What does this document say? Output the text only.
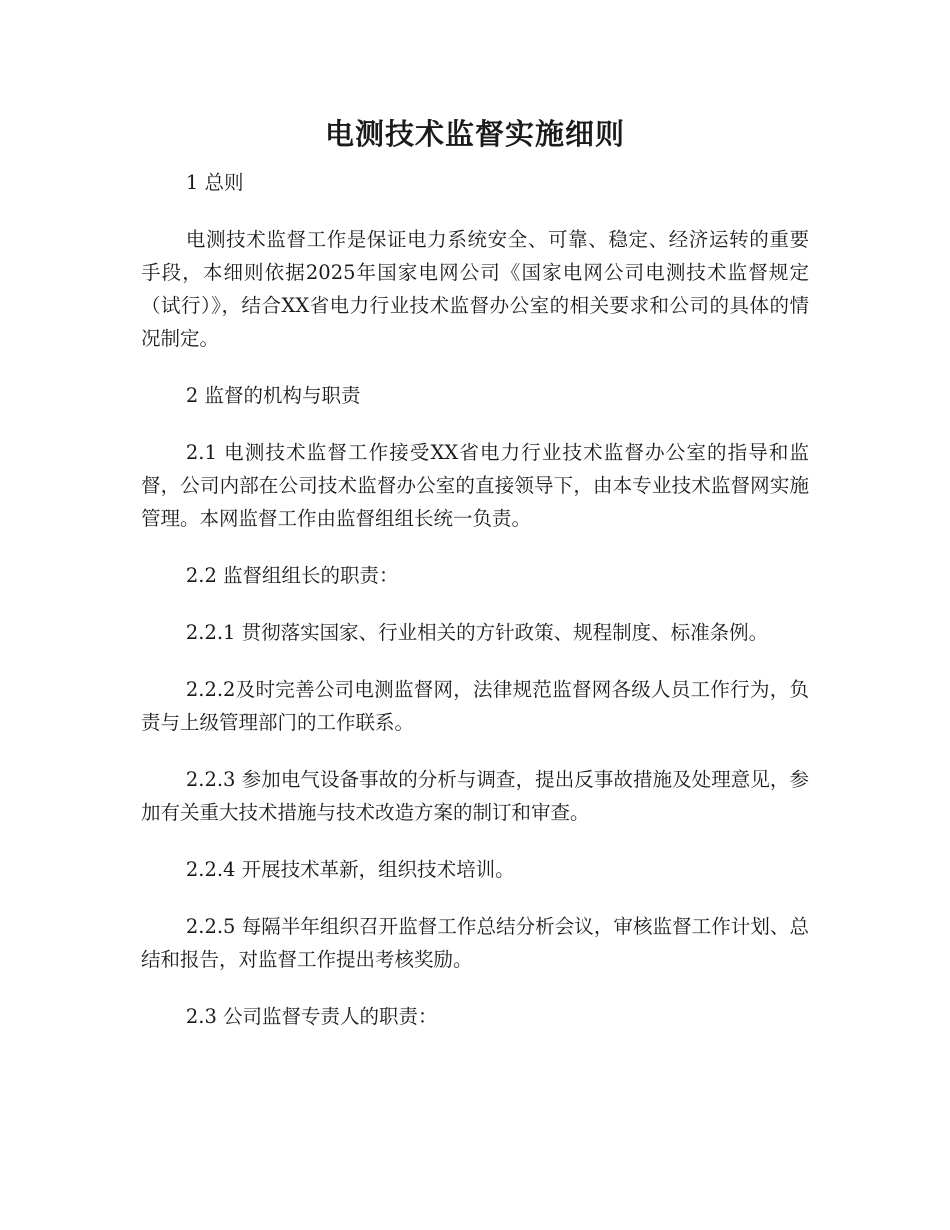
电测技术监督实施细则

1 总则

电测技术监督工作是保证电力系统安全、可靠、稳定、经济运转的重要手段，本细则依据2025年国家电网公司《国家电网公司电测技术监督规定（试行）》，结合XX省电力行业技术监督办公室的相关要求和公司的具体的情况制定。

2 监督的机构与职责

2.1 电测技术监督工作接受XX省电力行业技术监督办公室的指导和监督，公司内部在公司技术监督办公室的直接领导下，由本专业技术监督网实施管理。本网监督工作由监督组组长统一负责。

2.2 监督组组长的职责：

2.2.1 贯彻落实国家、行业相关的方针政策、规程制度、标准条例。

2.2.2及时完善公司电测监督网，法律规范监督网各级人员工作行为，负责与上级管理部门的工作联系。

2.2.3 参加电气设备事故的分析与调查，提出反事故措施及处理意见，参加有关重大技术措施与技术改造方案的制订和审查。

2.2.4 开展技术革新，组织技术培训。

2.2.5 每隔半年组织召开监督工作总结分析会议，审核监督工作计划、总结和报告，对监督工作提出考核奖励。

2.3 公司监督专责人的职责：
